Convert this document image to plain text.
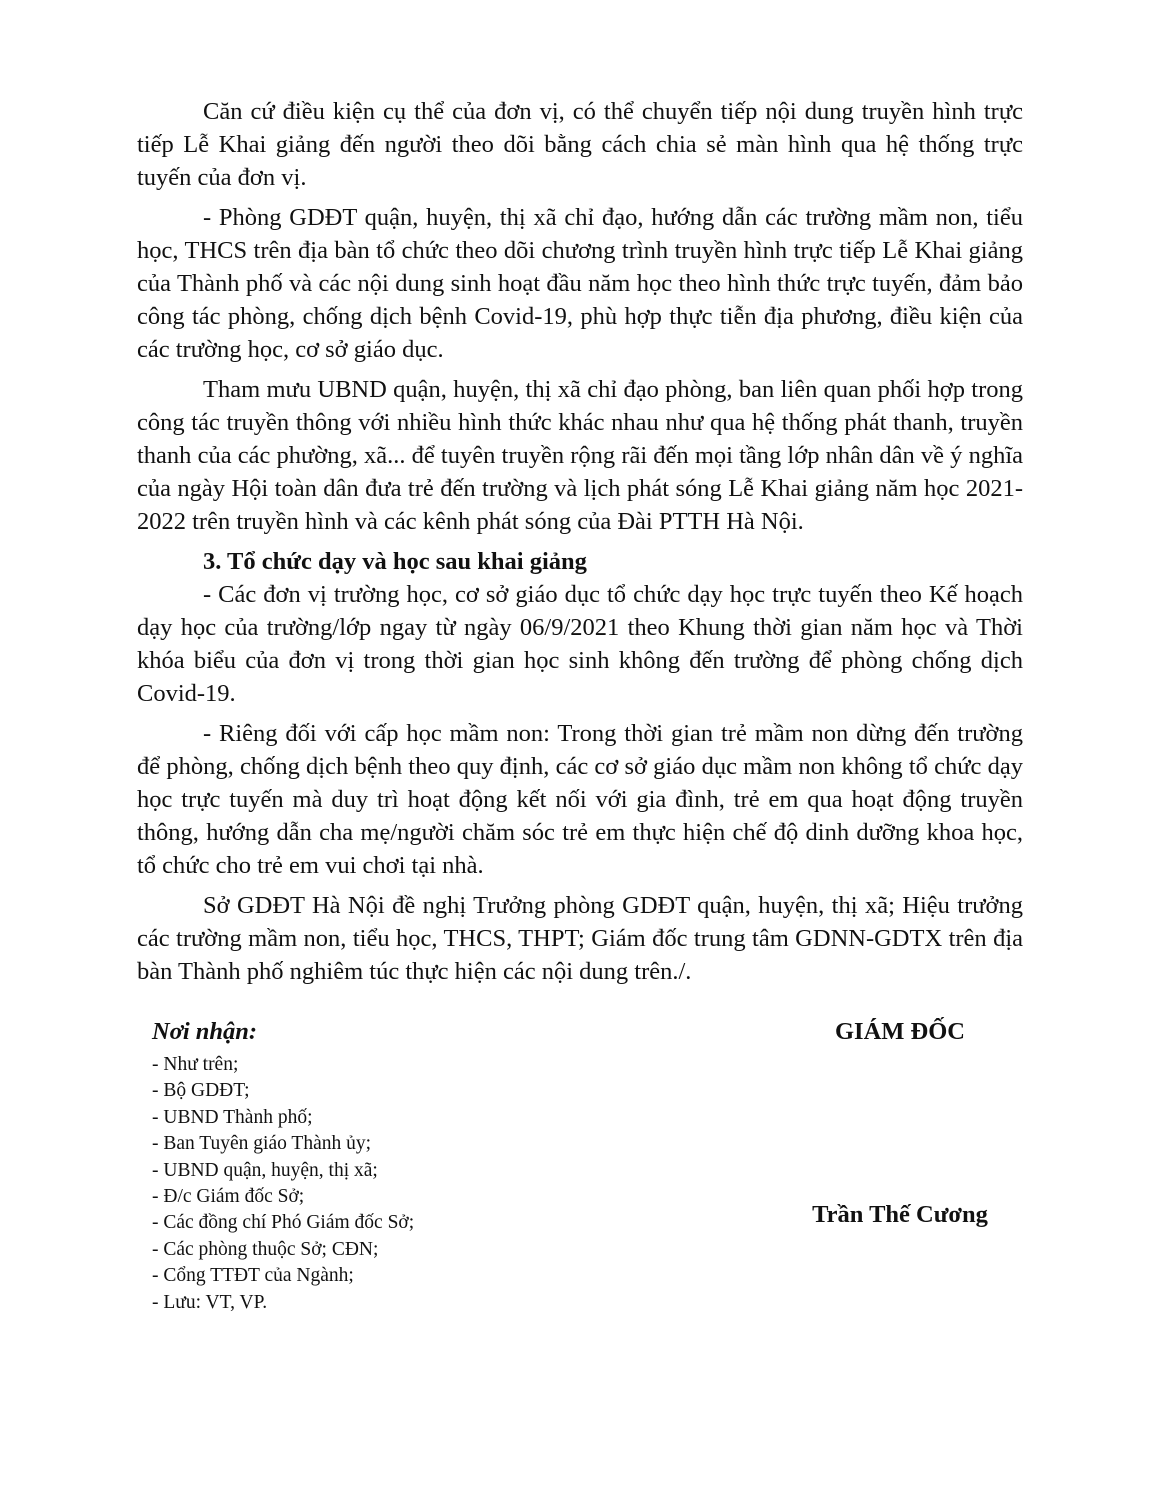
Căn cứ điều kiện cụ thể của đơn vị, có thể chuyển tiếp nội dung truyền hình trực tiếp Lễ Khai giảng đến người theo dõi bằng cách chia sẻ màn hình qua hệ thống trực tuyến của đơn vị.

- Phòng GDĐT quận, huyện, thị xã chỉ đạo, hướng dẫn các trường mầm non, tiểu học, THCS trên địa bàn tổ chức theo dõi chương trình truyền hình trực tiếp Lễ Khai giảng của Thành phố và các nội dung sinh hoạt đầu năm học theo hình thức trực tuyến, đảm bảo công tác phòng, chống dịch bệnh Covid-19, phù hợp thực tiễn địa phương, điều kiện của các trường học, cơ sở giáo dục.

Tham mưu UBND quận, huyện, thị xã chỉ đạo phòng, ban liên quan phối hợp trong công tác truyền thông với nhiều hình thức khác nhau như qua hệ thống phát thanh, truyền thanh của các phường, xã... để tuyên truyền rộng rãi đến mọi tầng lớp nhân dân về ý nghĩa của ngày Hội toàn dân đưa trẻ đến trường và lịch phát sóng Lễ Khai giảng năm học 2021-2022 trên truyền hình và các kênh phát sóng của Đài PTTH Hà Nội.

3. Tổ chức dạy và học sau khai giảng

- Các đơn vị trường học, cơ sở giáo dục tổ chức dạy học trực tuyến theo Kế hoạch dạy học của trường/lớp ngay từ ngày 06/9/2021 theo Khung thời gian năm học và Thời khóa biểu của đơn vị trong thời gian học sinh không đến trường để phòng chống dịch Covid-19.

- Riêng đối với cấp học mầm non: Trong thời gian trẻ mầm non dừng đến trường để phòng, chống dịch bệnh theo quy định, các cơ sở giáo dục mầm non không tổ chức dạy học trực tuyến mà duy trì hoạt động kết nối với gia đình, trẻ em qua hoạt động truyền thông, hướng dẫn cha mẹ/người chăm sóc trẻ em thực hiện chế độ dinh dưỡng khoa học, tổ chức cho trẻ em vui chơi tại nhà.

Sở GDĐT Hà Nội đề nghị Trưởng phòng GDĐT quận, huyện, thị xã; Hiệu trưởng các trường mầm non, tiểu học, THCS, THPT; Giám đốc trung tâm GDNN-GDTX trên địa bàn Thành phố nghiêm túc thực hiện các nội dung trên./.

Nơi nhận:

- Như trên;
- Bộ GDĐT;
- UBND Thành phố;
- Ban Tuyên giáo Thành ủy;
- UBND quận, huyện, thị xã;
- Đ/c Giám đốc Sở;
- Các đồng chí Phó Giám đốc Sở;
- Các phòng thuộc Sở; CĐN;
- Cổng TTĐT của Ngành;
- Lưu: VT, VP.

GIÁM ĐỐC

Trần Thế Cương
